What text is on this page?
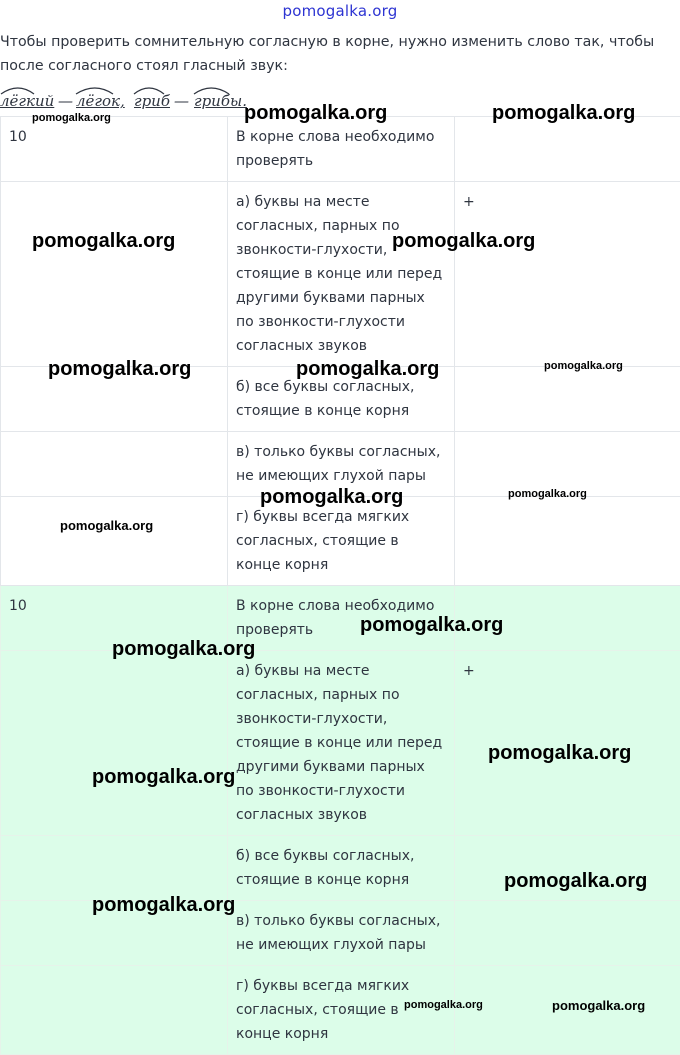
pomogalka.org
Чтобы проверить сомнительную согласную в корне, нужно изменить слово так, чтобы после согласного стоял гласный звук:
лёгкий — лёгок, гриб — грибы.
10	В корне слова необходимо проверять	
	а) буквы на месте согласных, парных по звонкости-глухости, стоящие в конце или перед другими буквами парных по звонкости-глухости согласных звуков	+
	б) все буквы согласных, стоящие в конце корня	
	в) только буквы согласных, не имеющих глухой пары	
	г) буквы всегда мягких согласных, стоящие в конце корня	
10	В корне слова необходимо проверять	
	а) буквы на месте согласных, парных по звонкости-глухости, стоящие в конце или перед другими буквами парных по звонкости-глухости согласных звуков	+
	б) все буквы согласных, стоящие в конце корня	
	в) только буквы согласных, не имеющих глухой пары	
	г) буквы всегда мягких согласных, стоящие в конце корня	
pomogalka.org	pomogalka.org
pomogalka.org
pomogalka.org	pomogalka.org
pomogalka.org	pomogalka.org	pomogalka.org
pomogalka.org	pomogalka.org
pomogalka.org
pomogalka.org
pomogalka.org
pomogalka.org
pomogalka.org
pomogalka.org
pomogalka.org
pomogalka.org	pomogalka.org
